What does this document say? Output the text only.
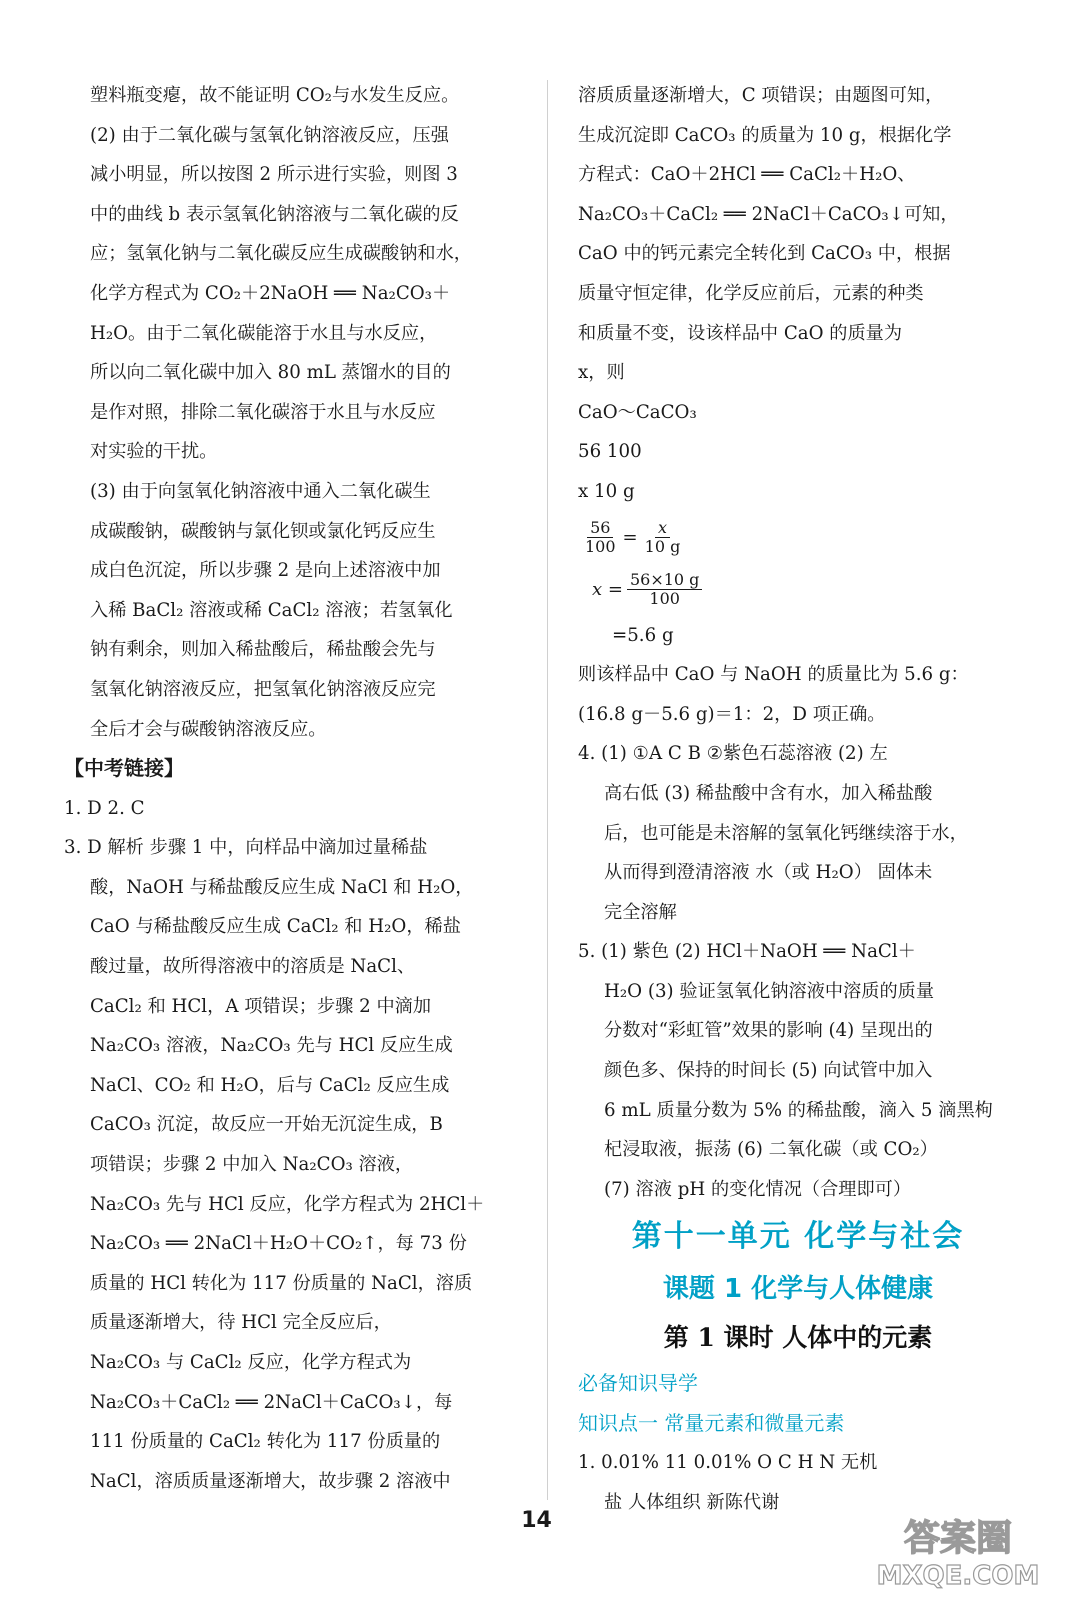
塑料瓶变瘪，故不能证明 CO₂与水发生反应。
(2) 由于二氧化碳与氢氧化钠溶液反应，压强
减小明显，所以按图 2 所示进行实验，则图 3
中的曲线 b 表示氢氧化钠溶液与二氧化碳的反
应；氢氧化钠与二氧化碳反应生成碳酸钠和水，
化学方程式为 CO₂＋2NaOH ══ Na₂CO₃＋
H₂O。由于二氧化碳能溶于水且与水反应，
所以向二氧化碳中加入 80 mL 蒸馏水的目的
是作对照，排除二氧化碳溶于水且与水反应
对实验的干扰。
(3) 由于向氢氧化钠溶液中通入二氧化碳生
成碳酸钠，碳酸钠与氯化钡或氯化钙反应生
成白色沉淀，所以步骤 2 是向上述溶液中加
入稀 BaCl₂ 溶液或稀 CaCl₂ 溶液；若氢氧化
钠有剩余，则加入稀盐酸后，稀盐酸会先与
氢氧化钠溶液反应，把氢氧化钠溶液反应完
全后才会与碳酸钠溶液反应。
【中考链接】
1. D 2. C
3. D 解析 步骤 1 中，向样品中滴加过量稀盐
酸，NaOH 与稀盐酸反应生成 NaCl 和 H₂O，
CaO 与稀盐酸反应生成 CaCl₂ 和 H₂O，稀盐
酸过量，故所得溶液中的溶质是 NaCl、
CaCl₂ 和 HCl，A 项错误；步骤 2 中滴加
Na₂CO₃ 溶液，Na₂CO₃ 先与 HCl 反应生成
NaCl、CO₂ 和 H₂O，后与 CaCl₂ 反应生成
CaCO₃ 沉淀，故反应一开始无沉淀生成，B
项错误；步骤 2 中加入 Na₂CO₃ 溶液，
Na₂CO₃ 先与 HCl 反应，化学方程式为 2HCl＋
Na₂CO₃ ══ 2NaCl＋H₂O＋CO₂↑，每 73 份
质量的 HCl 转化为 117 份质量的 NaCl，溶质
质量逐渐增大，待 HCl 完全反应后，
Na₂CO₃ 与 CaCl₂ 反应，化学方程式为
Na₂CO₃＋CaCl₂ ══ 2NaCl＋CaCO₃↓，每
111 份质量的 CaCl₂ 转化为 117 份质量的
NaCl，溶质质量逐渐增大，故步骤 2 溶液中
溶质质量逐渐增大，C 项错误；由题图可知，
生成沉淀即 CaCO₃ 的质量为 10 g，根据化学
方程式：CaO＋2HCl ══ CaCl₂＋H₂O、
Na₂CO₃＋CaCl₂ ══ 2NaCl＋CaCO₃↓可知，
CaO 中的钙元素完全转化到 CaCO₃ 中，根据
质量守恒定律，化学反应前后，元素的种类
和质量不变，设该样品中 CaO 的质量为
x，则
CaO～CaCO₃
56 100
x 10 g
$\frac{56}{100} = \frac{x}{10 g}$
$x = \frac{56\times 10 g}{100}$
=5.6 g
则该样品中 CaO 与 NaOH 的质量比为 5.6 g：
(16.8 g－5.6 g)＝1：2，D 项正确。
4. (1) ①A C B ②紫色石蕊溶液 (2) 左
高右低 (3) 稀盐酸中含有水，加入稀盐酸
后，也可能是未溶解的氢氧化钙继续溶于水，
从而得到澄清溶液 水（或 H₂O） 固体未
完全溶解
5. (1) 紫色 (2) HCl＋NaOH ══ NaCl＋
H₂O (3) 验证氢氧化钠溶液中溶质的质量
分数对“彩虹管”效果的影响 (4) 呈现出的
颜色多、保持的时间长 (5) 向试管中加入
6 mL 质量分数为 5% 的稀盐酸，滴入 5 滴黑枸
杞浸取液，振荡 (6) 二氧化碳（或 CO₂）
(7) 溶液 pH 的变化情况（合理即可）
第十一单元 化学与社会
课题 1 化学与人体健康
第 1 课时 人体中的元素
必备知识导学
知识点一 常量元素和微量元素
1. 0.01% 11 0.01% O C H N 无机
盐 人体组织 新陈代谢
14	答案圈
MXQE.COM
